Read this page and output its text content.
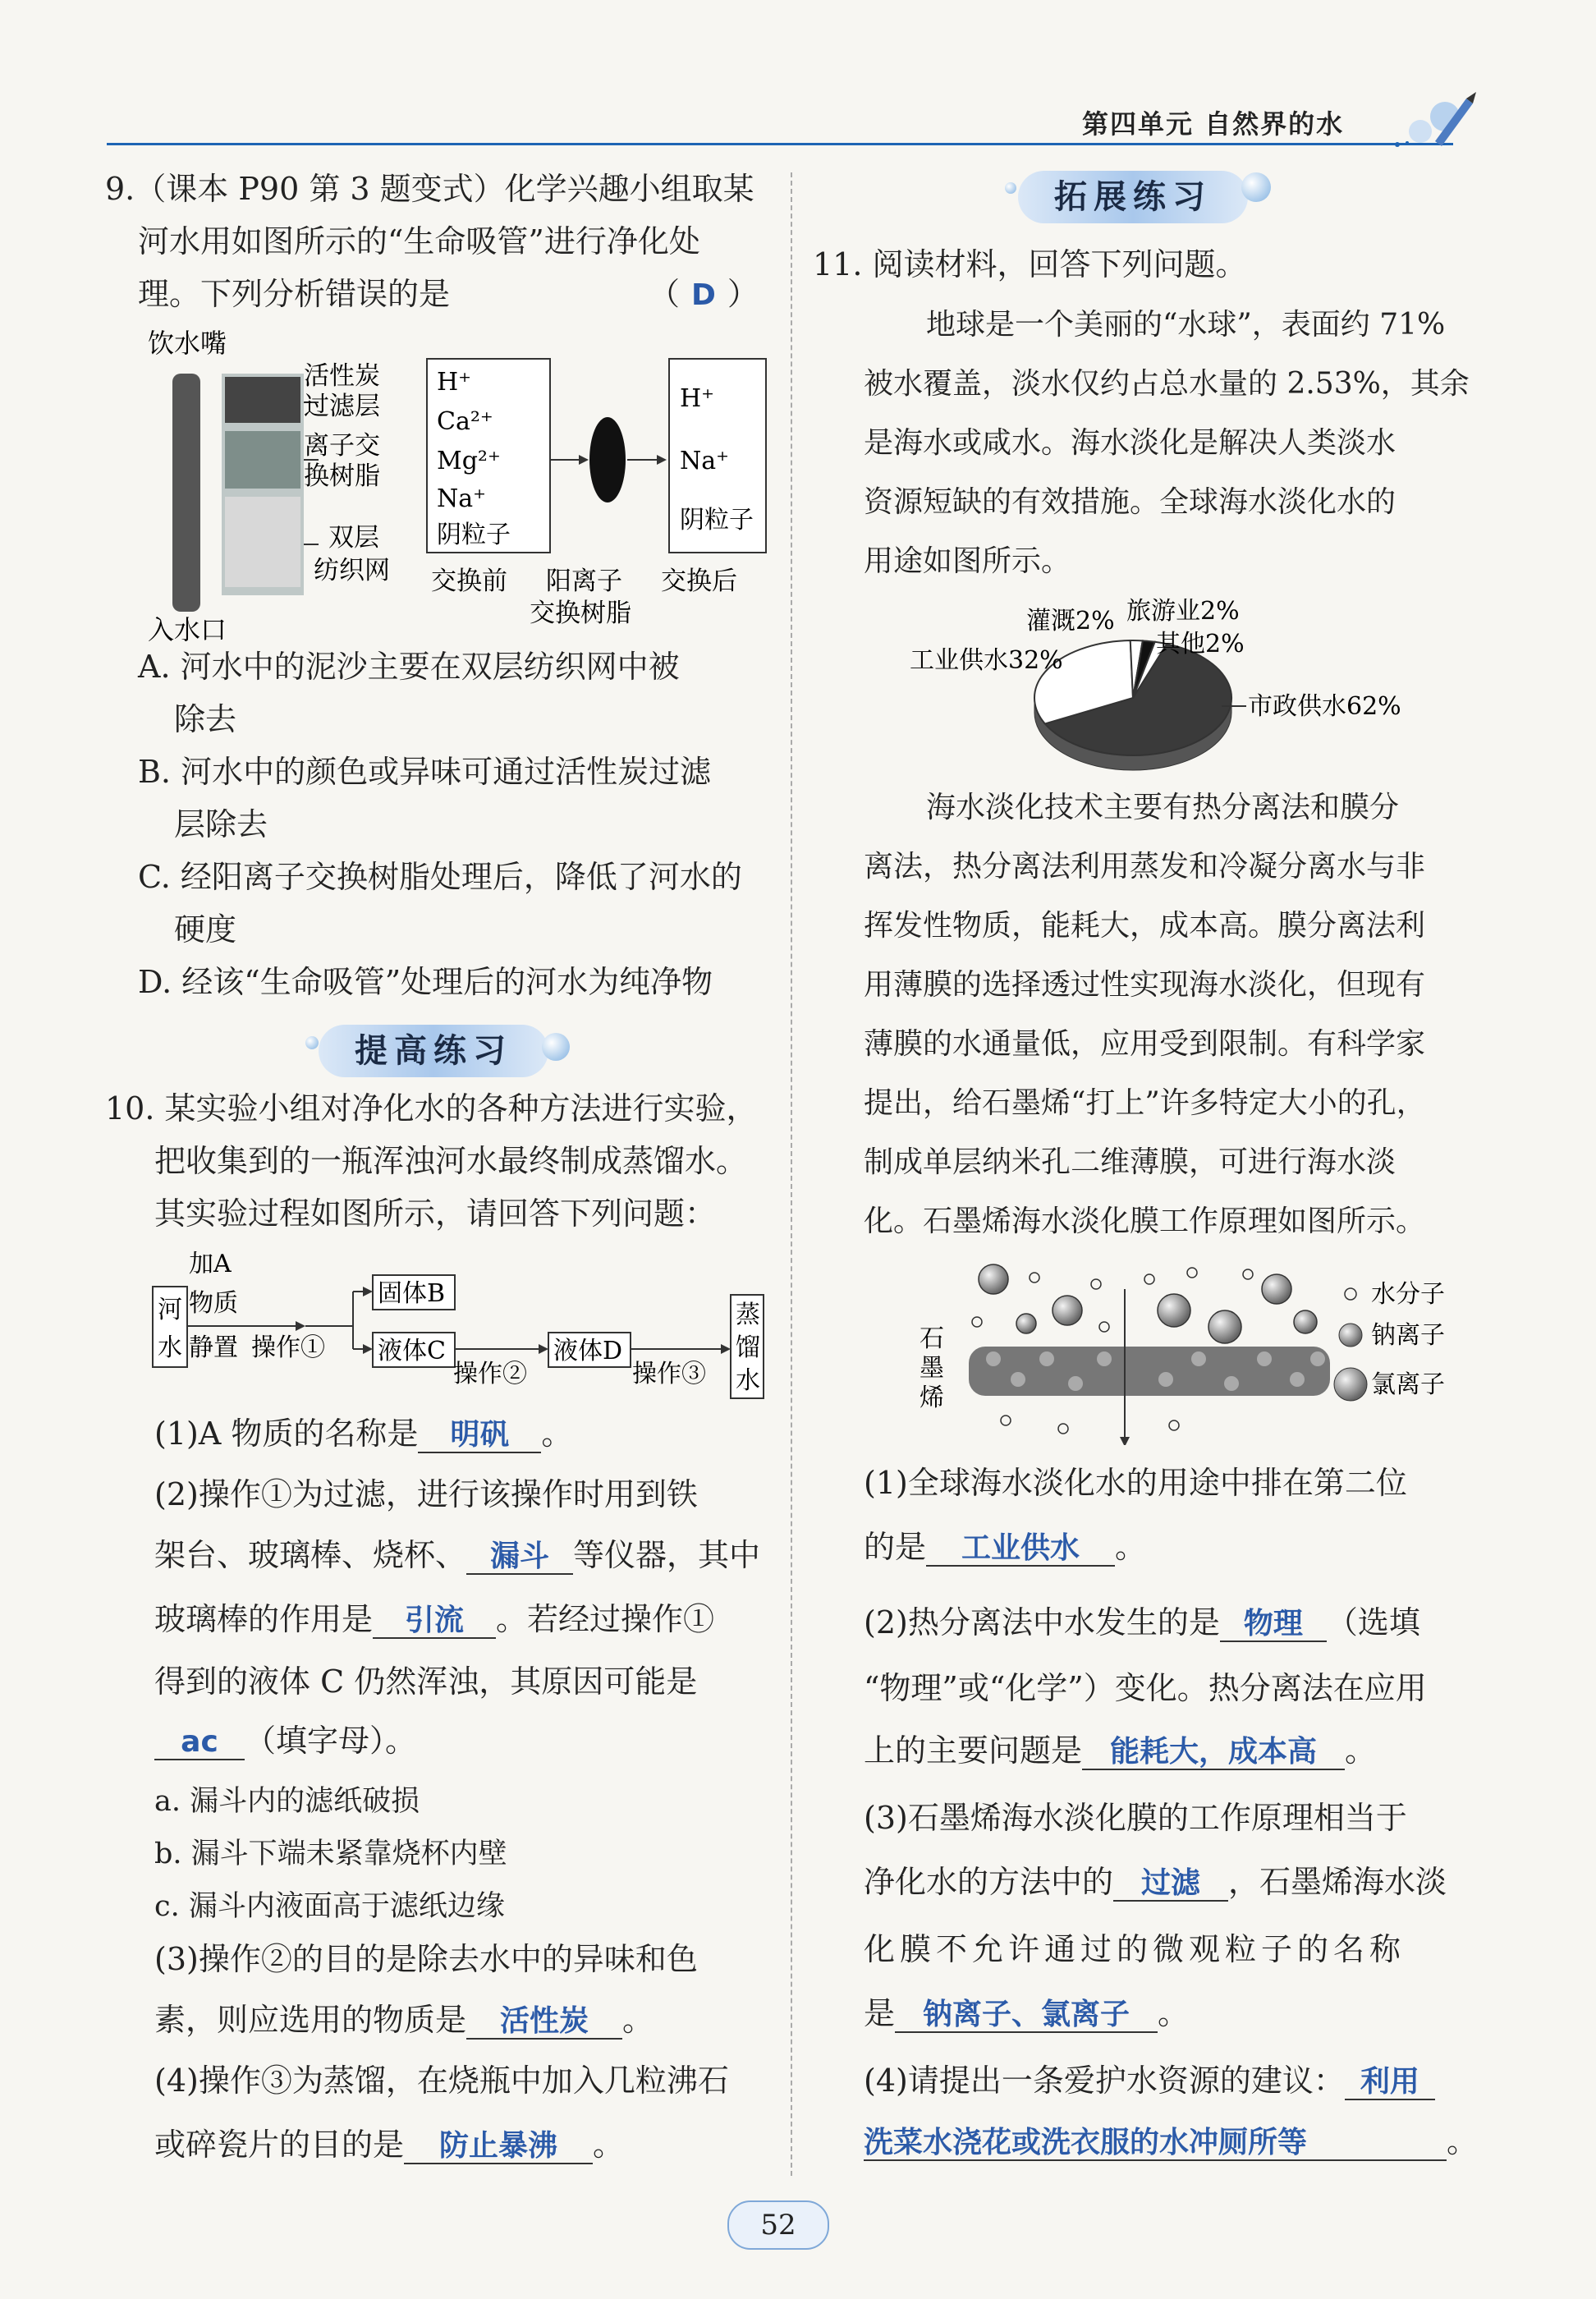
第四单元 自然界的水
9.（课本 P90 第 3 题变式）化学兴趣小组取某
河水用如图所示的“生命吸管”进行净化处
理。下列分析错误的是	（ D ）
饮水嘴
活性炭
过滤层
离子交
换树脂
双层
纺织网
入水口
H⁺
Ca²⁺
Mg²⁺
Na⁺
阴粒子
H⁺
Na⁺
阴粒子
交换前 阳离子
交换树脂
交换后
A. 河水中的泥沙主要在双层纺织网中被
除去
B. 河水中的颜色或异味可通过活性炭过滤
层除去
C. 经阳离子交换树脂处理后，降低了河水的
硬度
D. 经该“生命吸管”处理后的河水为纯净物
提高练习
10. 某实验小组对净化水的各种方法进行实验，
把收集到的一瓶浑浊河水最终制成蒸馏水。
其实验过程如图所示，请回答下列问题：
加A
河
水
物质
静置 操作①
固体B
液体C
操作②
液体D
操作③
蒸
馏
水
(1)A 物质的名称是 明矾 。
(2)操作①为过滤，进行该操作时用到铁
架台、玻璃棒、烧杯、 漏斗 等仪器，其中
玻璃棒的作用是 引流 。若经过操作①
得到的液体 C 仍然浑浊，其原因可能是
ac （填字母）。
a. 漏斗内的滤纸破损
b. 漏斗下端未紧靠烧杯内壁
c. 漏斗内液面高于滤纸边缘
(3)操作②的目的是除去水中的异味和色
素，则应选用的物质是 活性炭 。
(4)操作③为蒸馏，在烧瓶中加入几粒沸石
或碎瓷片的目的是 防止暴沸 。
拓展练习
11. 阅读材料，回答下列问题。
地球是一个美丽的“水球”，表面约 71%
被水覆盖，淡水仅约占总水量的 2.53%，其余
是海水或咸水。海水淡化是解决人类淡水
资源短缺的有效措施。全球海水淡化水的
用途如图所示。
灌溉2% 旅游业2%
其他2%
工业供水32%
市政供水62%
海水淡化技术主要有热分离法和膜分
离法，热分离法利用蒸发和冷凝分离水与非
挥发性物质，能耗大，成本高。膜分离法利
用薄膜的选择透过性实现海水淡化，但现有
薄膜的水通量低，应用受到限制。有科学家
提出，给石墨烯“打上”许多特定大小的孔，
制成单层纳米孔二维薄膜，可进行海水淡
化。石墨烯海水淡化膜工作原理如图所示。
石
墨
烯
水分子
钠离子
氯离子
(1)全球海水淡化水的用途中排在第二位
的是 工业供水 。
(2)热分离法中水发生的是 物理 （选填
“物理”或“化学”）变化。热分离法在应用
上的主要问题是 能耗大，成本高 。
(3)石墨烯海水淡化膜的工作原理相当于
净化水的方法中的 过滤 ，石墨烯海水淡
化膜不允许通过的微观粒子的名称
是 钠离子、氯离子 。
(4)请提出一条爱护水资源的建议： 利用
洗菜水浇花或洗衣服的水冲厕所等	。
52
